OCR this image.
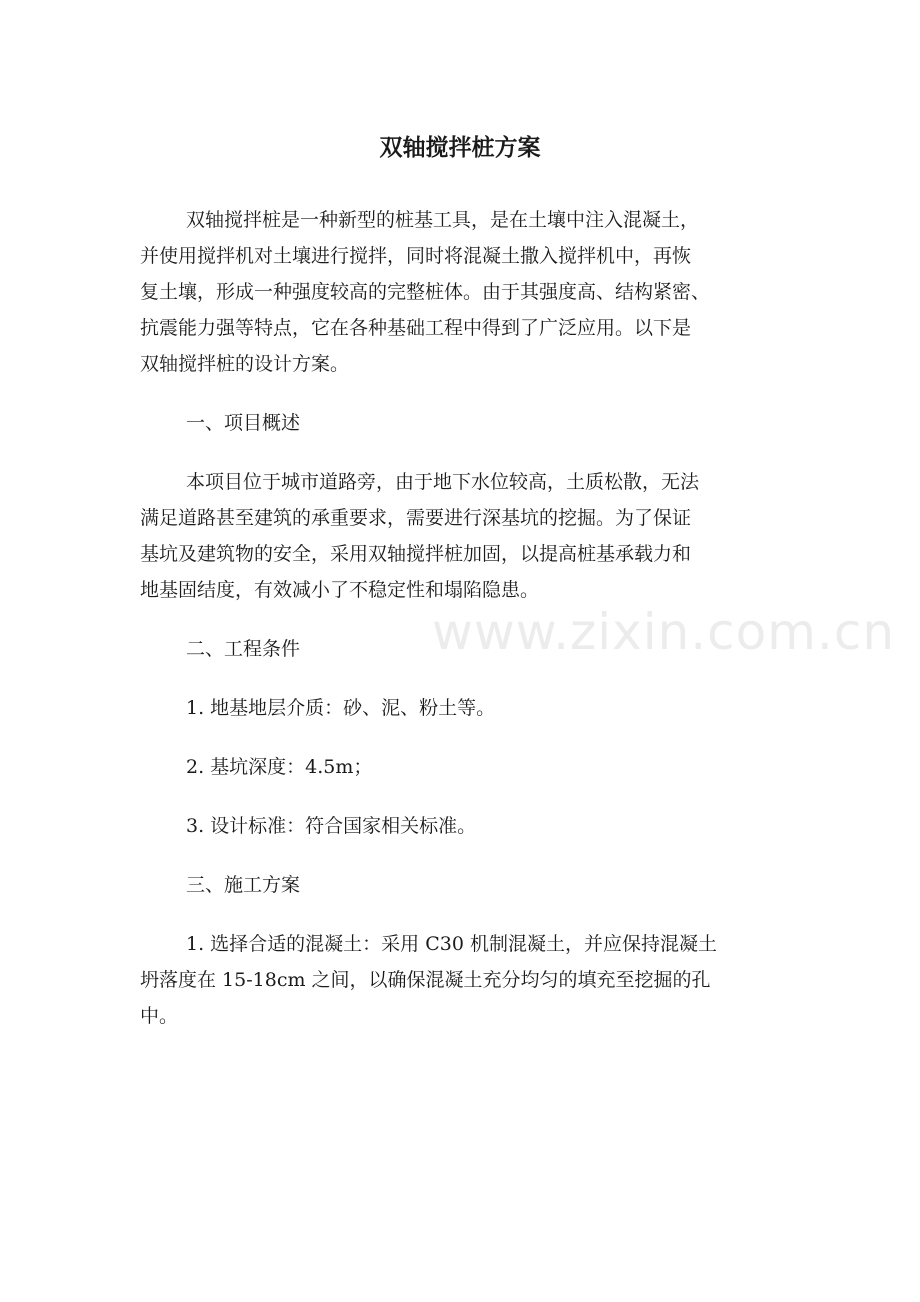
双轴搅拌桩方案

双轴搅拌桩是一种新型的桩基工具，是在土壤中注入混凝土，

并使用搅拌机对土壤进行搅拌，同时将混凝土撒入搅拌机中，再恢

复土壤，形成一种强度较高的完整桩体。由于其强度高、结构紧密、

抗震能力强等特点，它在各种基础工程中得到了广泛应用。以下是

双轴搅拌桩的设计方案。

一、项目概述

本项目位于城市道路旁，由于地下水位较高，土质松散，无法

满足道路甚至建筑的承重要求，需要进行深基坑的挖掘。为了保证

基坑及建筑物的安全，采用双轴搅拌桩加固，以提高桩基承载力和

地基固结度，有效减小了不稳定性和塌陷隐患。

二、工程条件

1. 地基地层介质：砂、泥、粉土等。

2. 基坑深度：4.5m；

3. 设计标准：符合国家相关标准。

三、施工方案

1. 选择合适的混凝土：采用 C30 机制混凝土，并应保持混凝土

坍落度在 15-18cm 之间，以确保混凝土充分均匀的填充至挖掘的孔

中。

www.zixin.com.cn
